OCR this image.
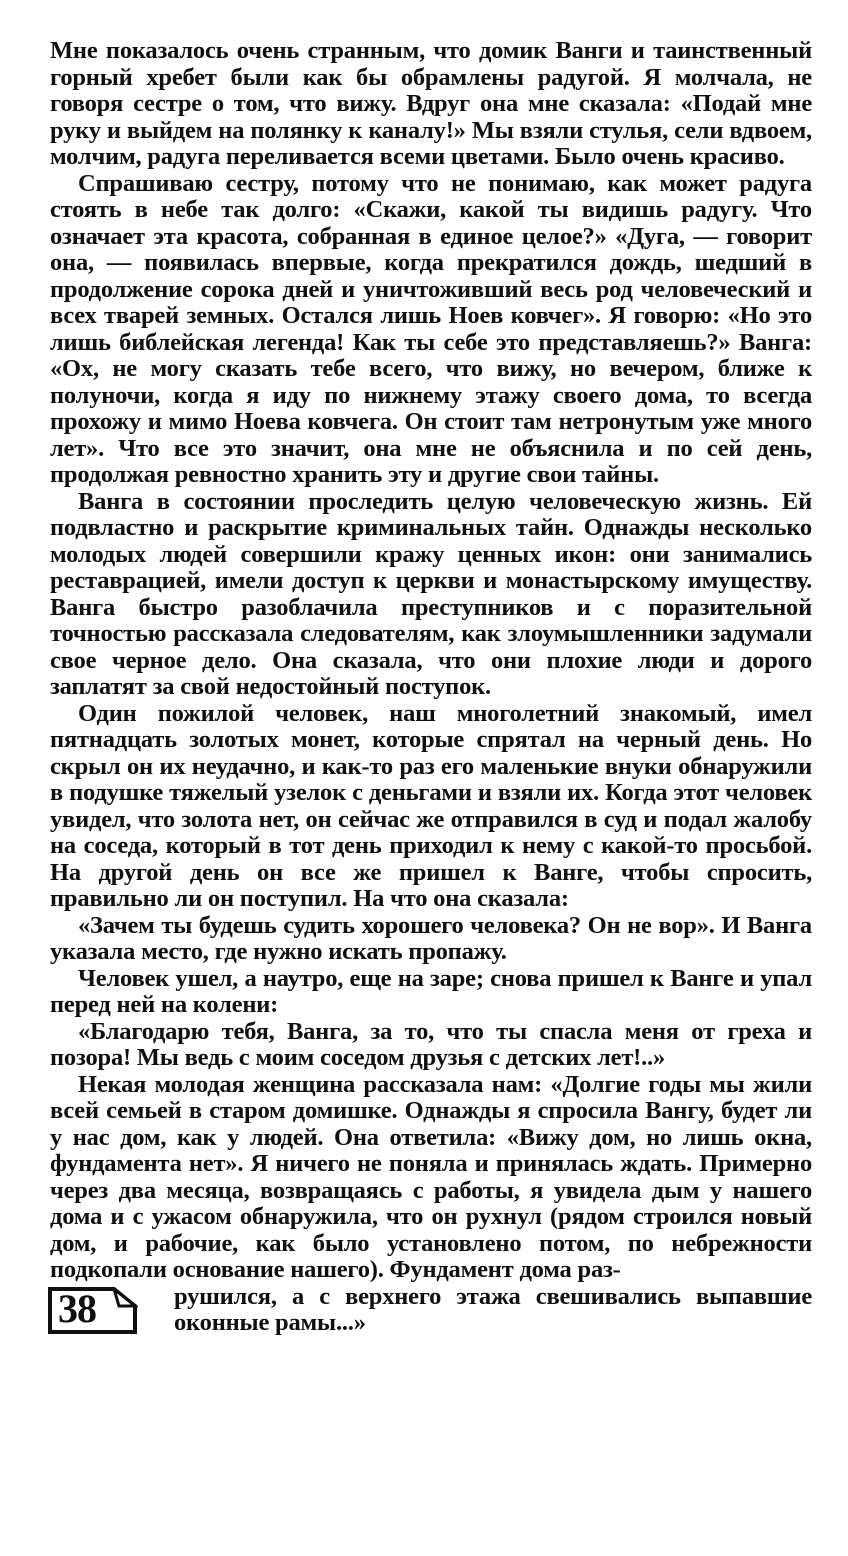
Мне показалось очень странным, что домик Ванги и таинственный горный хребет были как бы обрамлены радугой. Я молчала, не говоря сестре о том, что вижу. Вдруг она мне сказала: «Подай мне руку и выйдем на полянку к каналу!» Мы взяли стулья, сели вдвоем, молчим, радуга переливается всеми цветами. Было очень красиво.

Спрашиваю сестру, потому что не понимаю, как может радуга стоять в небе так долго: «Скажи, какой ты видишь радугу. Что означает эта красота, собранная в единое целое?» «Дуга, — говорит она, — появилась впервые, когда прекратился дождь, шедший в продолжение сорока дней и уничтоживший весь род человеческий и всех тварей земных. Остался лишь Ноев ковчег». Я говорю: «Но это лишь библейская легенда! Как ты себе это представляешь?» Ванга: «Ох, не могу сказать тебе всего, что вижу, но вечером, ближе к полуночи, когда я иду по нижнему этажу своего дома, то всегда прохожу и мимо Ноева ковчега. Он стоит там нетронутым уже много лет». Что все это значит, она мне не объяснила и по сей день, продолжая ревностно хранить эту и другие свои тайны.

Ванга в состоянии проследить целую человеческую жизнь. Ей подвластно и раскрытие криминальных тайн. Однажды несколько молодых людей совершили кражу ценных икон: они занимались реставрацией, имели доступ к церкви и монастырскому имуществу. Ванга быстро разоблачила преступников и с поразительной точностью рассказала следователям, как злоумышленники задумали свое черное дело. Она сказала, что они плохие люди и дорого заплатят за свой недостойный поступок.

Один пожилой человек, наш многолетний знакомый, имел пятнадцать золотых монет, которые спрятал на черный день. Но скрыл он их неудачно, и как-то раз его маленькие внуки обнаружили в подушке тяжелый узелок с деньгами и взяли их. Когда этот человек увидел, что золота нет, он сейчас же отправился в суд и подал жалобу на соседа, который в тот день приходил к нему с какой-то просьбой. На другой день он все же пришел к Ванге, чтобы спросить, правильно ли он поступил. На что она сказала:

«Зачем ты будешь судить хорошего человека? Он не вор». И Ванга указала место, где нужно искать пропажу.

Человек ушел, а наутро, еще на заре; снова пришел к Ванге и упал перед ней на колени:

«Благодарю тебя, Ванга, за то, что ты спасла меня от греха и позора! Мы ведь с моим соседом друзья с детских лет!..»

Некая молодая женщина рассказала нам: «Долгие годы мы жили всей семьей в старом домишке. Однажды я спросила Вангу, будет ли у нас дом, как у людей. Она ответила: «Вижу дом, но лишь окна, фундамента нет». Я ничего не поняла и принялась ждать. Примерно через два месяца, возвращаясь с работы, я увидела дым у нашего дома и с ужасом обнаружила, что он рухнул (рядом строился новый дом, и рабочие, как было установлено потом, по небрежности подкопали основание нашего). Фундамент дома раз-

38	рушился, а с верхнего этажа свешивались выпавшие оконные рамы...»
